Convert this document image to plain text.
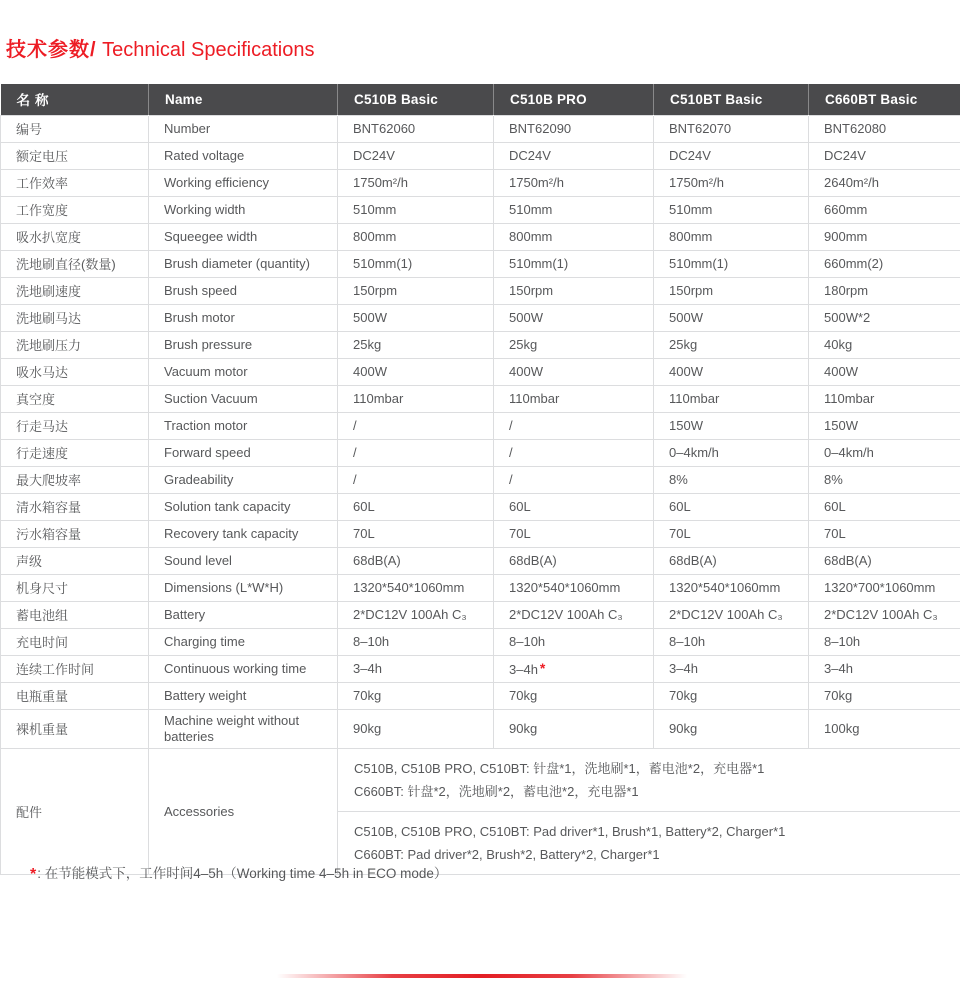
技术参数/ Technical Specifications
名称	Name	C510B Basic	C510B PRO	C510BT Basic	C660BT Basic
编号	Number	BNT62060	BNT62090	BNT62070	BNT62080
额定电压	Rated voltage	DC24V	DC24V	DC24V	DC24V
工作效率	Working efficiency	1750m²/h	1750m²/h	1750m²/h	2640m²/h
工作宽度	Working width	510mm	510mm	510mm	660mm
吸水扒宽度	Squeegee width	800mm	800mm	800mm	900mm
洗地刷直径(数量)	Brush diameter (quantity)	510mm(1)	510mm(1)	510mm(1)	660mm(2)
洗地刷速度	Brush speed	150rpm	150rpm	150rpm	180rpm
洗地刷马达	Brush motor	500W	500W	500W	500W*2
洗地刷压力	Brush pressure	25kg	25kg	25kg	40kg
吸水马达	Vacuum motor	400W	400W	400W	400W
真空度	Suction Vacuum	110mbar	110mbar	110mbar	110mbar
行走马达	Traction motor	/	/	150W	150W
行走速度	Forward speed	/	/	0–4km/h	0–4km/h
最大爬坡率	Gradeability	/	/	8%	8%
清水箱容量	Solution tank capacity	60L	60L	60L	60L
污水箱容量	Recovery tank capacity	70L	70L	70L	70L
声级	Sound level	68dB(A)	68dB(A)	68dB(A)	68dB(A)
机身尺寸	Dimensions (L*W*H)	1320*540*1060mm	1320*540*1060mm	1320*540*1060mm	1320*700*1060mm
蓄电池组	Battery	2*DC12V 100Ah C₃	2*DC12V 100Ah C₃	2*DC12V 100Ah C₃	2*DC12V 100Ah C₃
充电时间	Charging time	8–10h	8–10h	8–10h	8–10h
连续工作时间	Continuous working time	3–4h	3–4h *	3–4h	3–4h
电瓶重量	Battery weight	70kg	70kg	70kg	70kg
裸机重量	Machine weight without batteries	90kg	90kg	90kg	100kg
配件	Accessories	C510B, C510B PRO, C510BT: 针盘*1，洗地刷*1，蓄电池*2，充电器*1
C660BT: 针盘*2，洗地刷*2，蓄电池*2，充电器*1
C510B, C510B PRO, C510BT: Pad driver*1, Brush*1, Battery*2, Charger*1
C660BT: Pad driver*2, Brush*2, Battery*2, Charger*1			

*: 在节能模式下，工作时间4–5h（Working time 4–5h in ECO mode）
